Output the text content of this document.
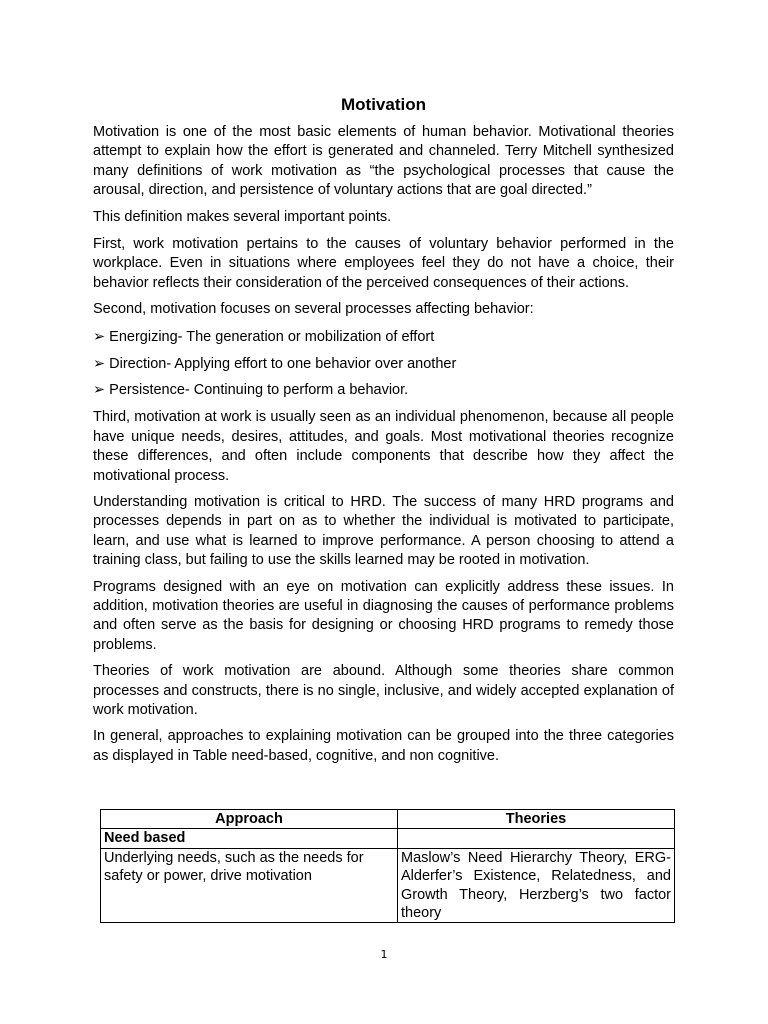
Motivation

Motivation is one of the most basic elements of human behavior. Motivational theories attempt to explain how the effort is generated and channeled. Terry Mitchell synthesized many definitions of work motivation as “the psychological processes that cause the arousal, direction, and persistence of voluntary actions that are goal directed.”

This definition makes several important points.

First, work motivation pertains to the causes of voluntary behavior performed in the workplace. Even in situations where employees feel they do not have a choice, their behavior reflects their consideration of the perceived consequences of their actions.

Second, motivation focuses on several processes affecting behavior:

➢ Energizing- The generation or mobilization of effort
➢ Direction- Applying effort to one behavior over another
➢ Persistence- Continuing to perform a behavior.

Third, motivation at work is usually seen as an individual phenomenon, because all people have unique needs, desires, attitudes, and goals. Most motivational theories recognize these differences, and often include components that describe how they affect the motivational process.

Understanding motivation is critical to HRD. The success of many HRD programs and processes depends in part on as to whether the individual is motivated to participate, learn, and use what is learned to improve performance. A person choosing to attend a training class, but failing to use the skills learned may be rooted in motivation.

Programs designed with an eye on motivation can explicitly address these issues. In addition, motivation theories are useful in diagnosing the causes of performance problems and often serve as the basis for designing or choosing HRD programs to remedy those problems.

Theories of work motivation are abound. Although some theories share common processes and constructs, there is no single, inclusive, and widely accepted explanation of work motivation.

In general, approaches to explaining motivation can be grouped into the three categories as displayed in Table need-based, cognitive, and non cognitive.

Approach	Theories
Need based	
Underlying needs, such as the needs for safety or power, drive motivation	Maslow’s Need Hierarchy Theory, ERG- Alderfer’s Existence, Relatedness, and Growth Theory, Herzberg’s two factor theory
1
